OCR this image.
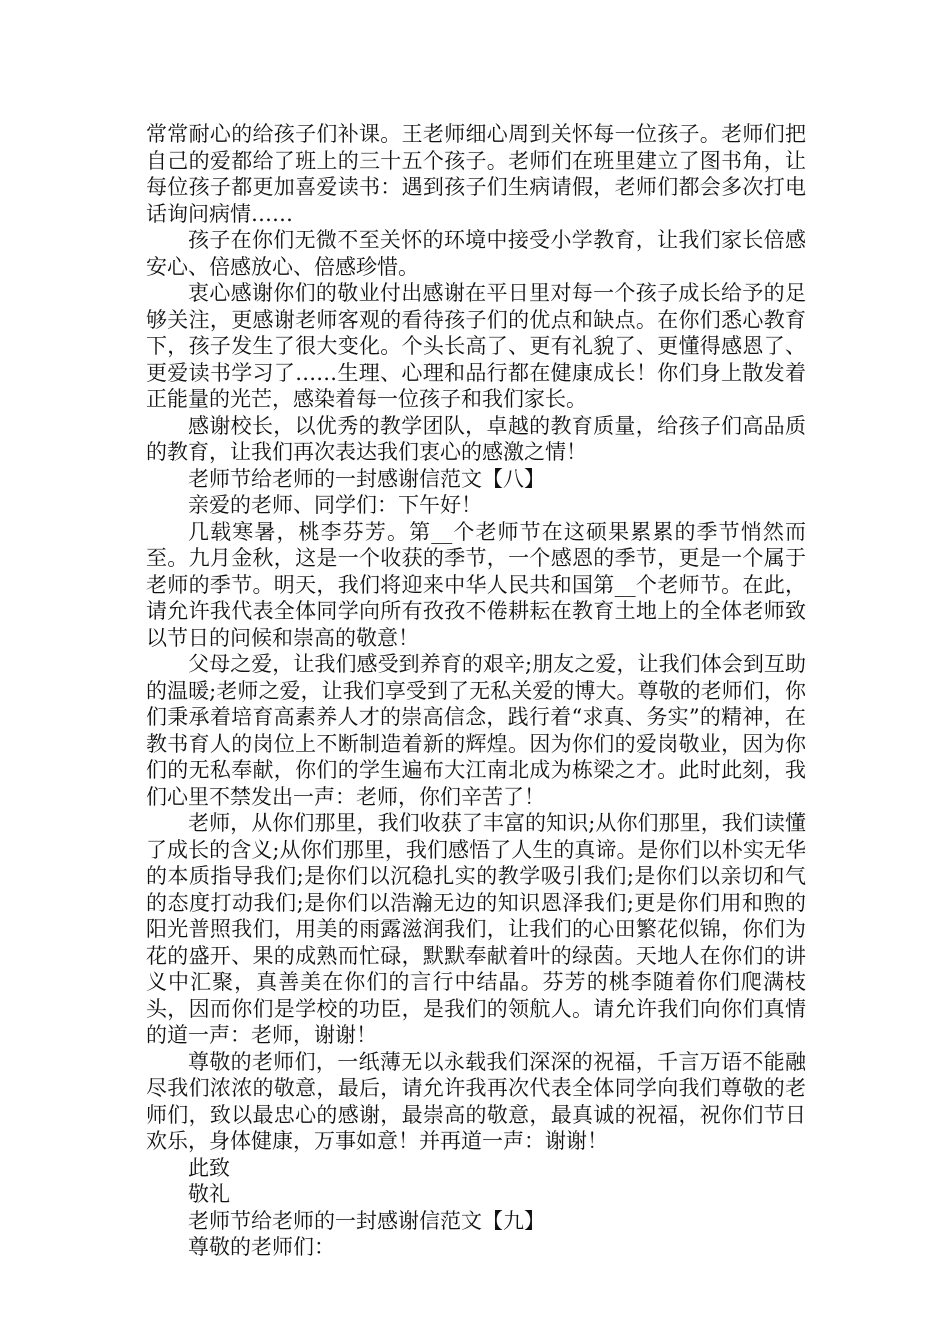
常常耐心的给孩子们补课。王老师细心周到关怀每一位孩子。老师们把自己的爱都给了班上的三十五个孩子。老师们在班里建立了图书角，让每位孩子都更加喜爱读书：遇到孩子们生病请假，老师们都会多次打电话询问病情……

孩子在你们无微不至关怀的环境中接受小学教育，让我们家长倍感安心、倍感放心、倍感珍惜。

衷心感谢你们的敬业付出感谢在平日里对每一个孩子成长给予的足够关注，更感谢老师客观的看待孩子们的优点和缺点。在你们悉心教育下，孩子发生了很大变化。个头长高了、更有礼貌了、更懂得感恩了、更爱读书学习了……生理、心理和品行都在健康成长！你们身上散发着正能量的光芒，感染着每一位孩子和我们家长。

感谢校长，以优秀的教学团队，卓越的教育质量，给孩子们高品质的教育，让我们再次表达我们衷心的感激之情！

老师节给老师的一封感谢信范文【八】

亲爱的老师、同学们：下午好！

几载寒暑，桃李芬芳。第__个老师节在这硕果累累的季节悄然而至。九月金秋，这是一个收获的季节，一个感恩的季节，更是一个属于老师的季节。明天，我们将迎来中华人民共和国第__个老师节。在此，请允许我代表全体同学向所有孜孜不倦耕耘在教育土地上的全体老师致以节日的问候和崇高的敬意！

父母之爱，让我们感受到养育的艰辛;朋友之爱，让我们体会到互助的温暖;老师之爱，让我们享受到了无私关爱的博大。尊敬的老师们，你们秉承着培育高素养人才的崇高信念，践行着“求真、务实”的精神，在教书育人的岗位上不断制造着新的辉煌。因为你们的爱岗敬业，因为你们的无私奉献，你们的学生遍布大江南北成为栋梁之才。此时此刻，我们心里不禁发出一声：老师，你们辛苦了！

老师，从你们那里，我们收获了丰富的知识;从你们那里，我们读懂了成长的含义;从你们那里，我们感悟了人生的真谛。是你们以朴实无华的本质指导我们;是你们以沉稳扎实的教学吸引我们;是你们以亲切和气的态度打动我们;是你们以浩瀚无边的知识恩泽我们;更是你们用和煦的阳光普照我们，用美的雨露滋润我们，让我们的心田繁花似锦，你们为花的盛开、果的成熟而忙碌，默默奉献着叶的绿茵。天地人在你们的讲义中汇聚，真善美在你们的言行中结晶。芬芳的桃李随着你们爬满枝头，因而你们是学校的功臣，是我们的领航人。请允许我们向你们真情的道一声：老师，谢谢！

尊敬的老师们，一纸薄无以永载我们深深的祝福，千言万语不能融尽我们浓浓的敬意，最后，请允许我再次代表全体同学向我们尊敬的老师们，致以最忠心的感谢，最崇高的敬意，最真诚的祝福，祝你们节日欢乐，身体健康，万事如意！并再道一声：谢谢！

此致

敬礼

老师节给老师的一封感谢信范文【九】

尊敬的老师们：
